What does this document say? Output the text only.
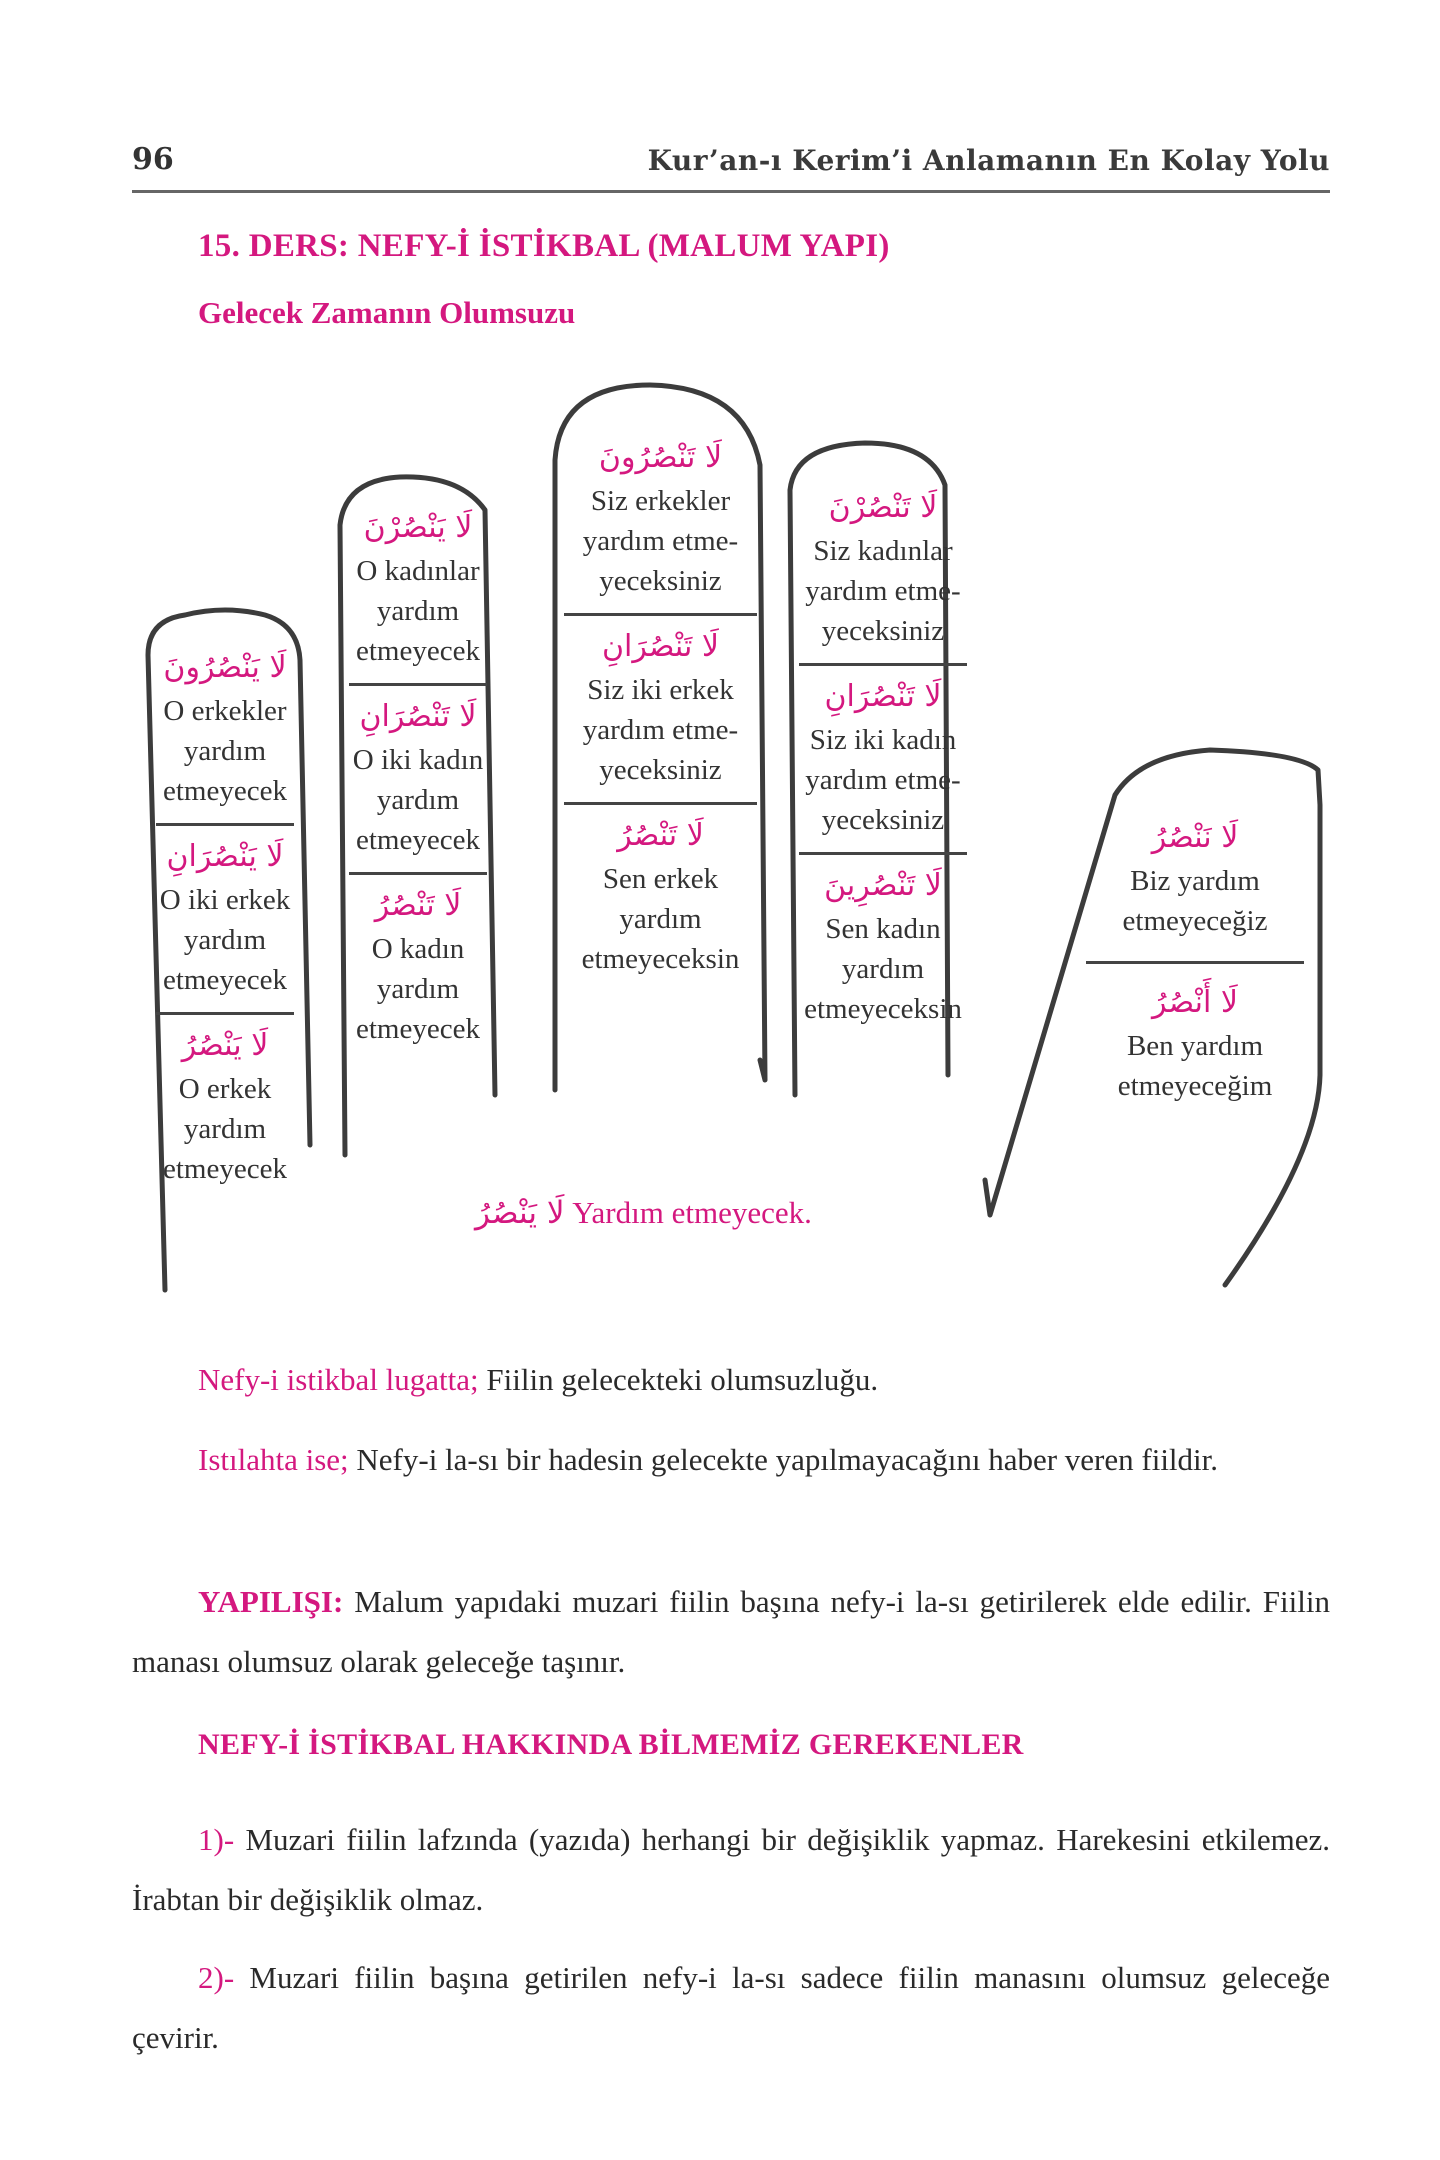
96	Kur’an-ı Kerim’i Anlamanın En Kolay Yolu
15. DERS: NEFY-İ İSTİKBAL (MALUM YAPI)
Gelecek Zamanın Olumsuzu
لَا يَنْصُرُونَ
O erkekler
yardım
etmeyecek
لَا يَنْصُرَانِ
O iki erkek
yardım
etmeyecek
لَا يَنْصُرُ
O erkek
yardım
etmeyecek
لَا يَنْصُرْنَ
O kadınlar
yardım
etmeyecek
لَا تَنْصُرَانِ
O iki kadın
yardım
etmeyecek
لَا تَنْصُرُ
O kadın
yardım
etmeyecek
لَا تَنْصُرُونَ
Siz erkekler
yardım etme-
yeceksiniz
لَا تَنْصُرَانِ
Siz iki erkek
yardım etme-
yeceksiniz
لَا تَنْصُرُ
Sen erkek
yardım
etmeyeceksin
لَا تَنْصُرْنَ
Siz kadınlar
yardım etme-
yeceksiniz
لَا تَنْصُرَانِ
Siz iki kadın
yardım etme-
yeceksiniz
لَا تَنْصُرِينَ
Sen kadın
yardım
etmeyeceksin
لَا نَنْصُرُ
Biz yardım
etmeyeceğiz
لَا أَنْصُرُ
Ben yardım
etmeyeceğim
لَا يَنْصُرُ Yardım etmeyecek.
Nefy-i istikbal lugatta; Fiilin gelecekteki olumsuzluğu.
Istılahta ise; Nefy-i la-sı bir hadesin gelecekte yapılmayacağını haber veren fiildir.
YAPILIŞI: Malum yapıdaki muzari fiilin başına nefy-i la-sı getirilerek elde edilir. Fiilin manası olumsuz olarak geleceğe taşınır.
NEFY-İ İSTİKBAL HAKKINDA BİLMEMİZ GEREKENLER
1)- Muzari fiilin lafzında (yazıda) herhangi bir değişiklik yapmaz. Harekesini etkilemez. İrabtan bir değişiklik olmaz.
2)- Muzari fiilin başına getirilen nefy-i la-sı sadece fiilin manasını olumsuz geleceğe çevirir.
